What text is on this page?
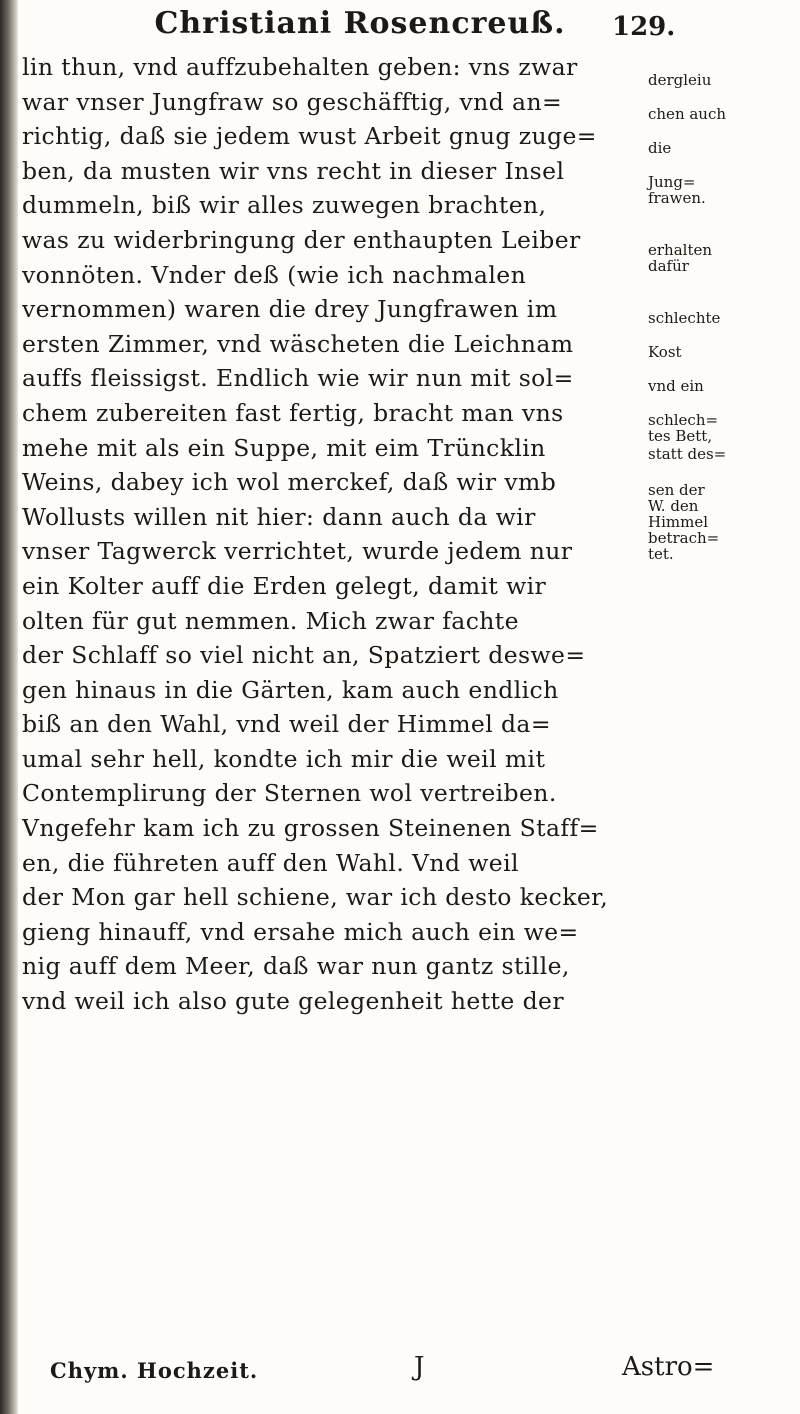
Christiani Rosencreuß.	129.
lin thun, vnd auffzubehalten geben: vns zwar
war vnser Jungfraw so geschäfftig, vnd an=
richtig, daß sie jedem wust Arbeit gnug zuge=
ben, da musten wir vns recht in dieser Insel
dummeln, biß wir alles zuwegen brachten,
was zu widerbringung der enthaupten Leiber
vonnöten. Vnder deß (wie ich nachmalen
vernommen) waren die drey Jungfrawen im
ersten Zimmer, vnd wäscheten die Leichnam
auffs fleissigst. Endlich wie wir nun mit sol=
chem zubereiten fast fertig, bracht man vns
mehe mit als ein Suppe, mit eim Trüncklin
Weins, dabey ich wol merckef, daß wir vmb
Wollusts willen nit hier: dann auch da wir
vnser Tagwerck verrichtet, wurde jedem nur
ein Kolter auff die Erden gelegt, damit wir
olten für gut nemmen. Mich zwar fachte
der Schlaff so viel nicht an, Spatziert deswe=
gen hinaus in die Gärten, kam auch endlich
biß an den Wahl, vnd weil der Himmel da=
umal sehr hell, kondte ich mir die weil mit
Contemplirung der Sternen wol vertreiben.
Vngefehr kam ich zu grossen Steinenen Staff=
en, die führeten auff den Wahl. Vnd weil
der Mon gar hell schiene, war ich desto kecker,
gieng hinauff, vnd ersahe mich auch ein we=
nig auff dem Meer, daß war nun gantz stille,
vnd weil ich also gute gelegenheit hette der
dergleiu
chen auch
die
Jung=
frawen.
erhalten
dafür
schlechte
Kost
vnd ein
schlech=
tes Bett,
statt des=
sen der
W. den
Himmel
betrach=
tet.
Chym. Hochzeit.	J	Astro=
